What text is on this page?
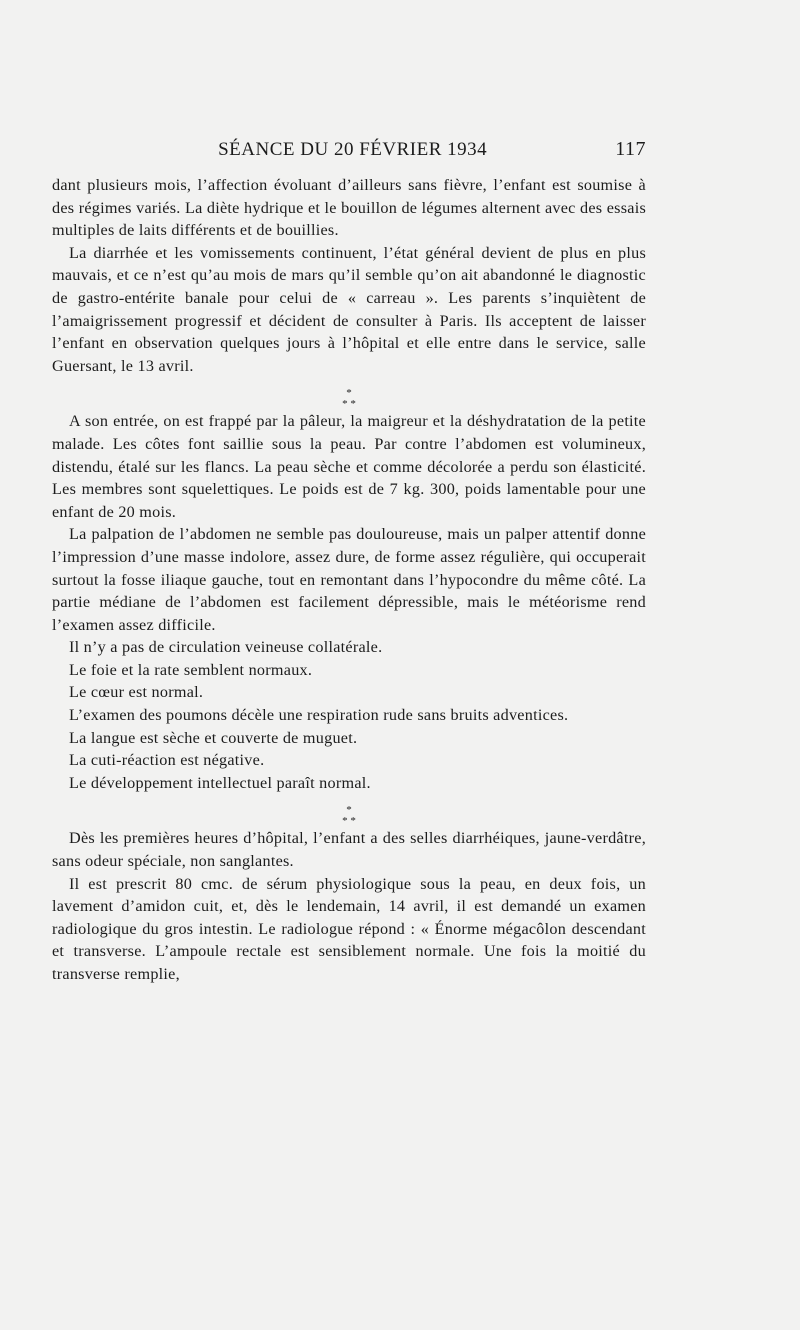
SÉANCE DU 20 FÉVRIER 1934	117

dant plusieurs mois, l’affection évoluant d’ailleurs sans fièvre, l’enfant est soumise à des régimes variés. La diète hydrique et le bouillon de légumes alternent avec des essais multiples de laits différents et de bouillies.

La diarrhée et les vomissements continuent, l’état général devient de plus en plus mauvais, et ce n’est qu’au mois de mars qu’il semble qu’on ait abandonné le diagnostic de gastro-entérite banale pour celui de « carreau ». Les parents s’inquiètent de l’amaigrissement progressif et décident de consulter à Paris. Ils acceptent de laisser l’enfant en observation quelques jours à l’hôpital et elle entre dans le service, salle Guersant, le 13 avril.

*
* *

A son entrée, on est frappé par la pâleur, la maigreur et la déshydratation de la petite malade. Les côtes font saillie sous la peau. Par contre l’abdomen est volumineux, distendu, étalé sur les flancs. La peau sèche et comme décolorée a perdu son élasticité. Les membres sont squelettiques. Le poids est de 7 kg. 300, poids lamentable pour une enfant de 20 mois.

La palpation de l’abdomen ne semble pas douloureuse, mais un palper attentif donne l’impression d’une masse indolore, assez dure, de forme assez régulière, qui occuperait surtout la fosse iliaque gauche, tout en remontant dans l’hypocondre du même côté. La partie médiane de l’abdomen est facilement dépressible, mais le météorisme rend l’examen assez difficile.

Il n’y a pas de circulation veineuse collatérale.

Le foie et la rate semblent normaux.

Le cœur est normal.

L’examen des poumons décèle une respiration rude sans bruits adventices.

La langue est sèche et couverte de muguet.

La cuti-réaction est négative.

Le développement intellectuel paraît normal.

*
* *

Dès les premières heures d’hôpital, l’enfant a des selles diarrhéiques, jaune-verdâtre, sans odeur spéciale, non sanglantes.

Il est prescrit 80 cmc. de sérum physiologique sous la peau, en deux fois, un lavement d’amidon cuit, et, dès le lendemain, 14 avril, il est demandé un examen radiologique du gros intestin. Le radiologue répond : « Énorme mégacôlon descendant et transverse. L’ampoule rectale est sensiblement normale. Une fois la moitié du transverse remplie,
